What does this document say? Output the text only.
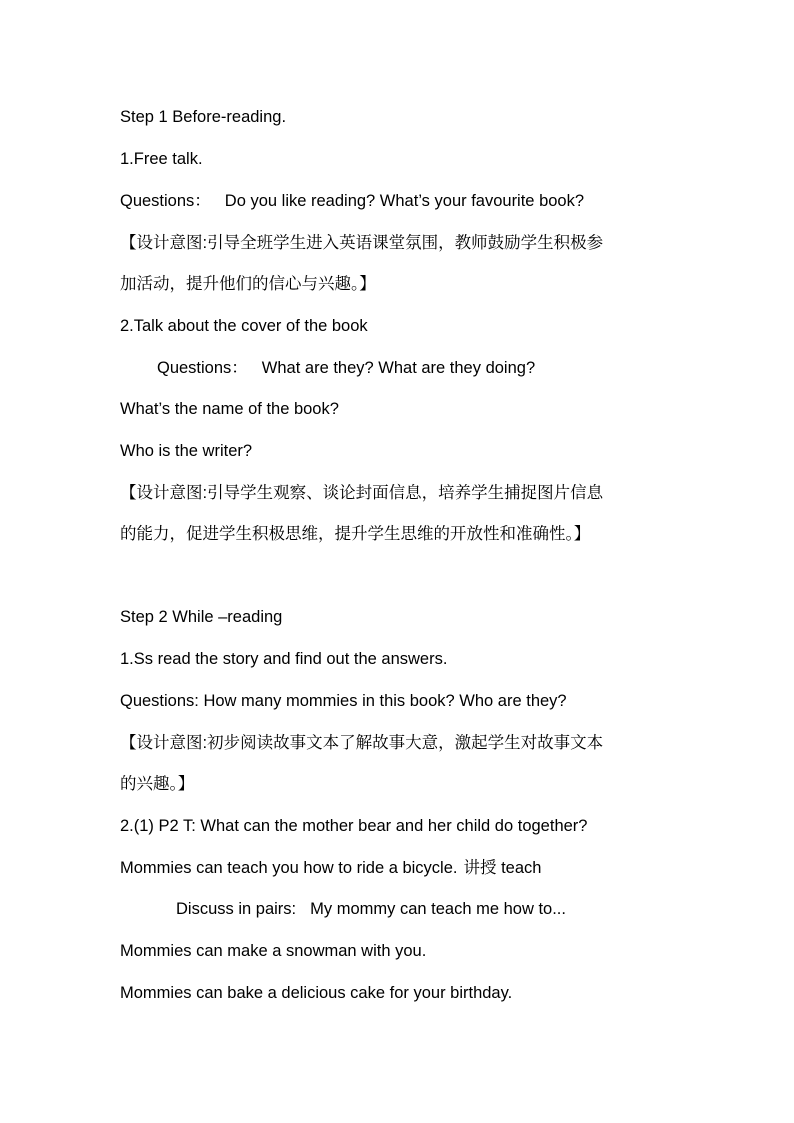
Step 1 Before-reading.
1.Free talk.
Questions： Do you like reading? What’s your favourite book?
【设计意图:引导全班学生进入英语课堂氛围，教师鼓励学生积极参
加活动，提升他们的信心与兴趣。】
2.Talk about the cover of the book
Questions： What are they? What are they doing?
What’s the name of the book?
Who is the writer?
【设计意图:引导学生观察、谈论封面信息，培养学生捕捉图片信息
的能力，促进学生积极思维，提升学生思维的开放性和准确性。】
Step 2 While –reading
1.Ss read the story and find out the answers.
Questions: How many mommies in this book? Who are they?
【设计意图:初步阅读故事文本了解故事大意，激起学生对故事文本
的兴趣。】
2.(1) P2 T: What can the mother bear and her child do together?
Mommies can teach you how to ride a bicycle. 讲授 teach
Discuss in pairs: My mommy can teach me how to...
Mommies can make a snowman with you.
Mommies can bake a delicious cake for your birthday.
